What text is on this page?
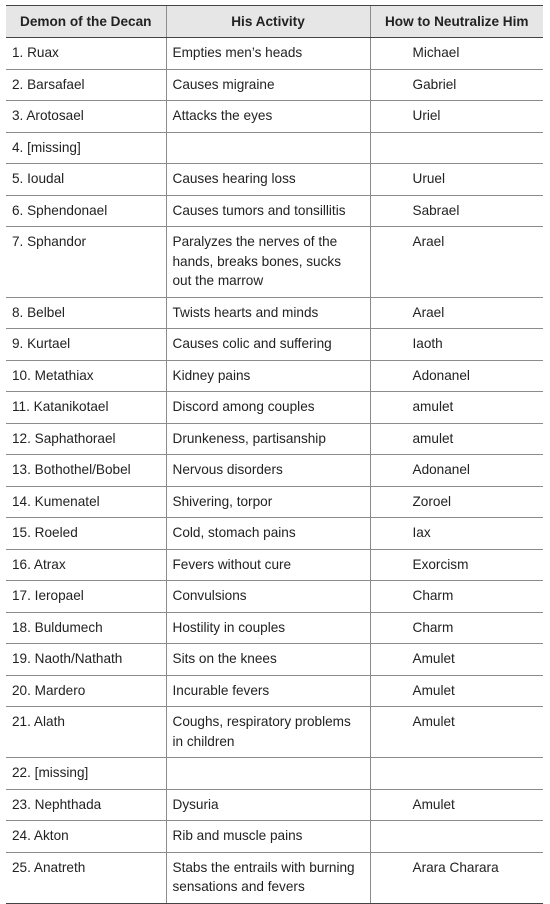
Demon of the Decan	His Activity	How to Neutralize Him
1. Ruax	Empties men’s heads	Michael
2. Barsafael	Causes migraine	Gabriel
3. Arotosael	Attacks the eyes	Uriel
4. [missing]		
5. Ioudal	Causes hearing loss	Uruel
6. Sphendonael	Causes tumors and tonsillitis	Sabrael
7. Sphandor	Paralyzes the nerves of the hands, breaks bones, sucks out the marrow	Arael
8. Belbel	Twists hearts and minds	Arael
9. Kurtael	Causes colic and suffering	Iaoth
10. Metathiax	Kidney pains	Adonanel
11. Katanikotael	Discord among couples	amulet
12. Saphathorael	Drunkeness, partisanship	amulet
13. Bothothel/Bobel	Nervous disorders	Adonanel
14. Kumenatel	Shivering, torpor	Zoroel
15. Roeled	Cold, stomach pains	Iax
16. Atrax	Fevers without cure	Exorcism
17. Ieropael	Convulsions	Charm
18. Buldumech	Hostility in couples	Charm
19. Naoth/Nathath	Sits on the knees	Amulet
20. Mardero	Incurable fevers	Amulet
21. Alath	Coughs, respiratory problems in children	Amulet
22. [missing]		
23. Nephthada	Dysuria	Amulet
24. Akton	Rib and muscle pains	
25. Anatreth	Stabs the entrails with burning sensations and fevers	Arara Charara
